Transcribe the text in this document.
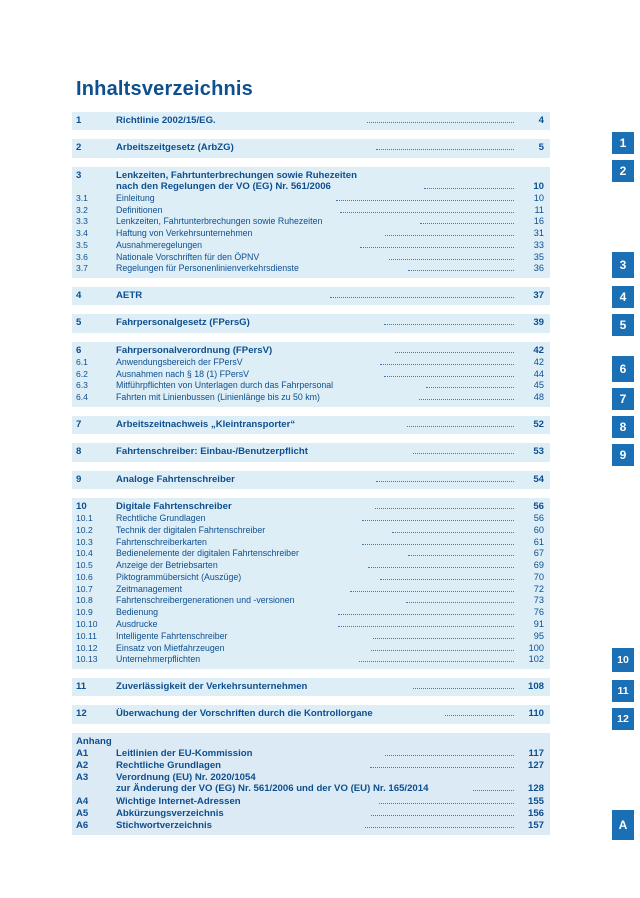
Inhaltsverzeichnis
1	Richtlinie 2002/15/EG.	4
2	Arbeitszeitgesetz (ArbZG)	5
3	Lenkzeiten, Fahrtunterbrechungen sowie Ruhezeiten
nach den Regelungen der VO (EG) Nr. 561/2006	10
3.1	Einleitung	10
3.2	Definitionen	11
3.3	Lenkzeiten, Fahrtunterbrechungen sowie Ruhezeiten	16
3.4	Haftung von Verkehrsunternehmen	31
3.5	Ausnahmeregelungen	33
3.6	Nationale Vorschriften für den ÖPNV	35
3.7	Regelungen für Personenlinienverkehrsdienste	36
4	AETR	37
5	Fahrpersonalgesetz (FPersG)	39
6	Fahrpersonalverordnung (FPersV)	42
6.1	Anwendungsbereich der FPersV	42
6.2	Ausnahmen nach § 18 (1) FPersV	44
6.3	Mitführpflichten von Unterlagen durch das Fahrpersonal	45
6.4	Fahrten mit Linienbussen (Linienlänge bis zu 50 km)	48
7	Arbeitszeitnachweis „Kleintransporter“	52
8	Fahrtenschreiber: Einbau-/Benutzerpflicht	53
9	Analoge Fahrtenschreiber	54
10	Digitale Fahrtenschreiber	56
10.1	Rechtliche Grundlagen	56
10.2	Technik der digitalen Fahrtenschreiber	60
10.3	Fahrtenschreiberkarten	61
10.4	Bedienelemente der digitalen Fahrtenschreiber	67
10.5	Anzeige der Betriebsarten	69
10.6	Piktogrammübersicht (Auszüge)	70
10.7	Zeitmanagement	72
10.8	Fahrtenschreibergenerationen und -versionen	73
10.9	Bedienung	76
10.10	Ausdrucke	91
10.11	Intelligente Fahrtenschreiber	95
10.12	Einsatz von Mietfahrzeugen	100
10.13	Unternehmerpflichten	102
11	Zuverlässigkeit der Verkehrsunternehmen	108
12	Überwachung der Vorschriften durch die Kontrollorgane	110
Anhang
A1	Leitlinien der EU-Kommission	117
A2	Rechtliche Grundlagen	127
A3	Verordnung (EU) Nr. 2020/1054
zur Änderung der VO (EG) Nr. 561/2006 und der VO (EU) Nr. 165/2014	128
A4	Wichtige Internet-Adressen	155
A5	Abkürzungsverzeichnis	156
A6	Stichwortverzeichnis	157
1
2
3
4
5
6
7
8
9
10
11
12
A
